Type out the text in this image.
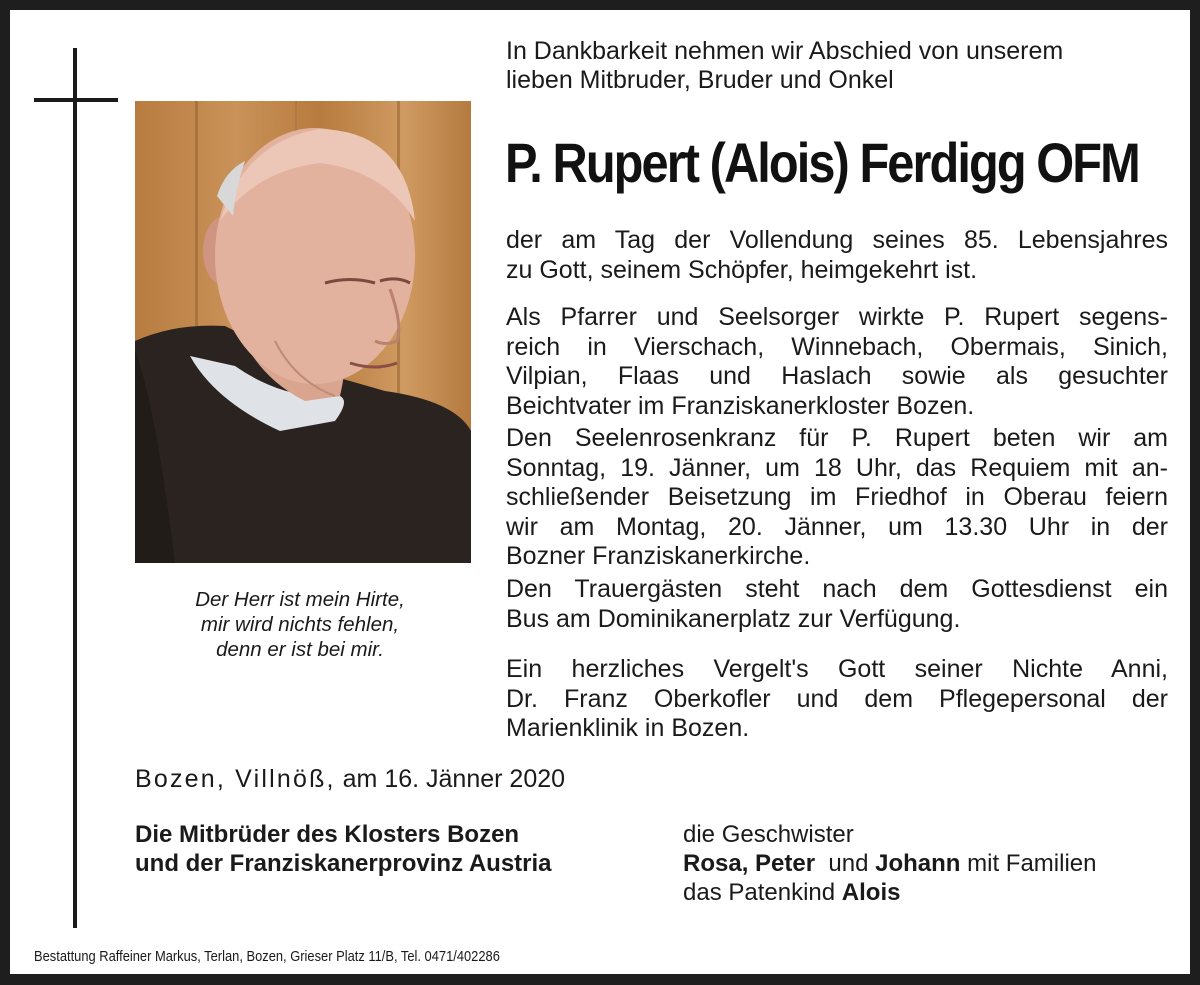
Der Herr ist mein Hirte,
mir wird nichts fehlen,
denn er ist bei mir.
In Dankbarkeit nehmen wir Abschied von unserem
lieben Mitbruder, Bruder und Onkel
P. Rupert (Alois) Ferdigg OFM
der am Tag der Vollendung seines 85. Lebensjahres
zu Gott, seinem Schöpfer, heimgekehrt ist.
Als Pfarrer und Seelsorger wirkte P. Rupert segens-
reich in Vierschach, Winnebach, Obermais, Sinich,
Vilpian, Flaas und Haslach sowie als gesuchter
Beichtvater im Franziskanerkloster Bozen.
Den Seelenrosenkranz für P. Rupert beten wir am
Sonntag, 19. Jänner, um 18 Uhr, das Requiem mit an-
schließender Beisetzung im Friedhof in Oberau feiern
wir am Montag, 20. Jänner, um 13.30 Uhr in der
Bozner Franziskanerkirche.
Den Trauergästen steht nach dem Gottesdienst ein
Bus am Dominikanerplatz zur Verfügung.
Ein herzliches Vergelt's Gott seiner Nichte Anni,
Dr. Franz Oberkofler und dem Pflegepersonal der
Marienklinik in Bozen.
Bozen, Villnöß, am 16. Jänner 2020
Die Mitbrüder des Klosters Bozen
und der Franziskanerprovinz Austria
die Geschwister
Rosa, Peter und Johann mit Familien
das Patenkind Alois
Bestattung Raffeiner Markus, Terlan, Bozen, Grieser Platz 11/B, Tel. 0471/402286
